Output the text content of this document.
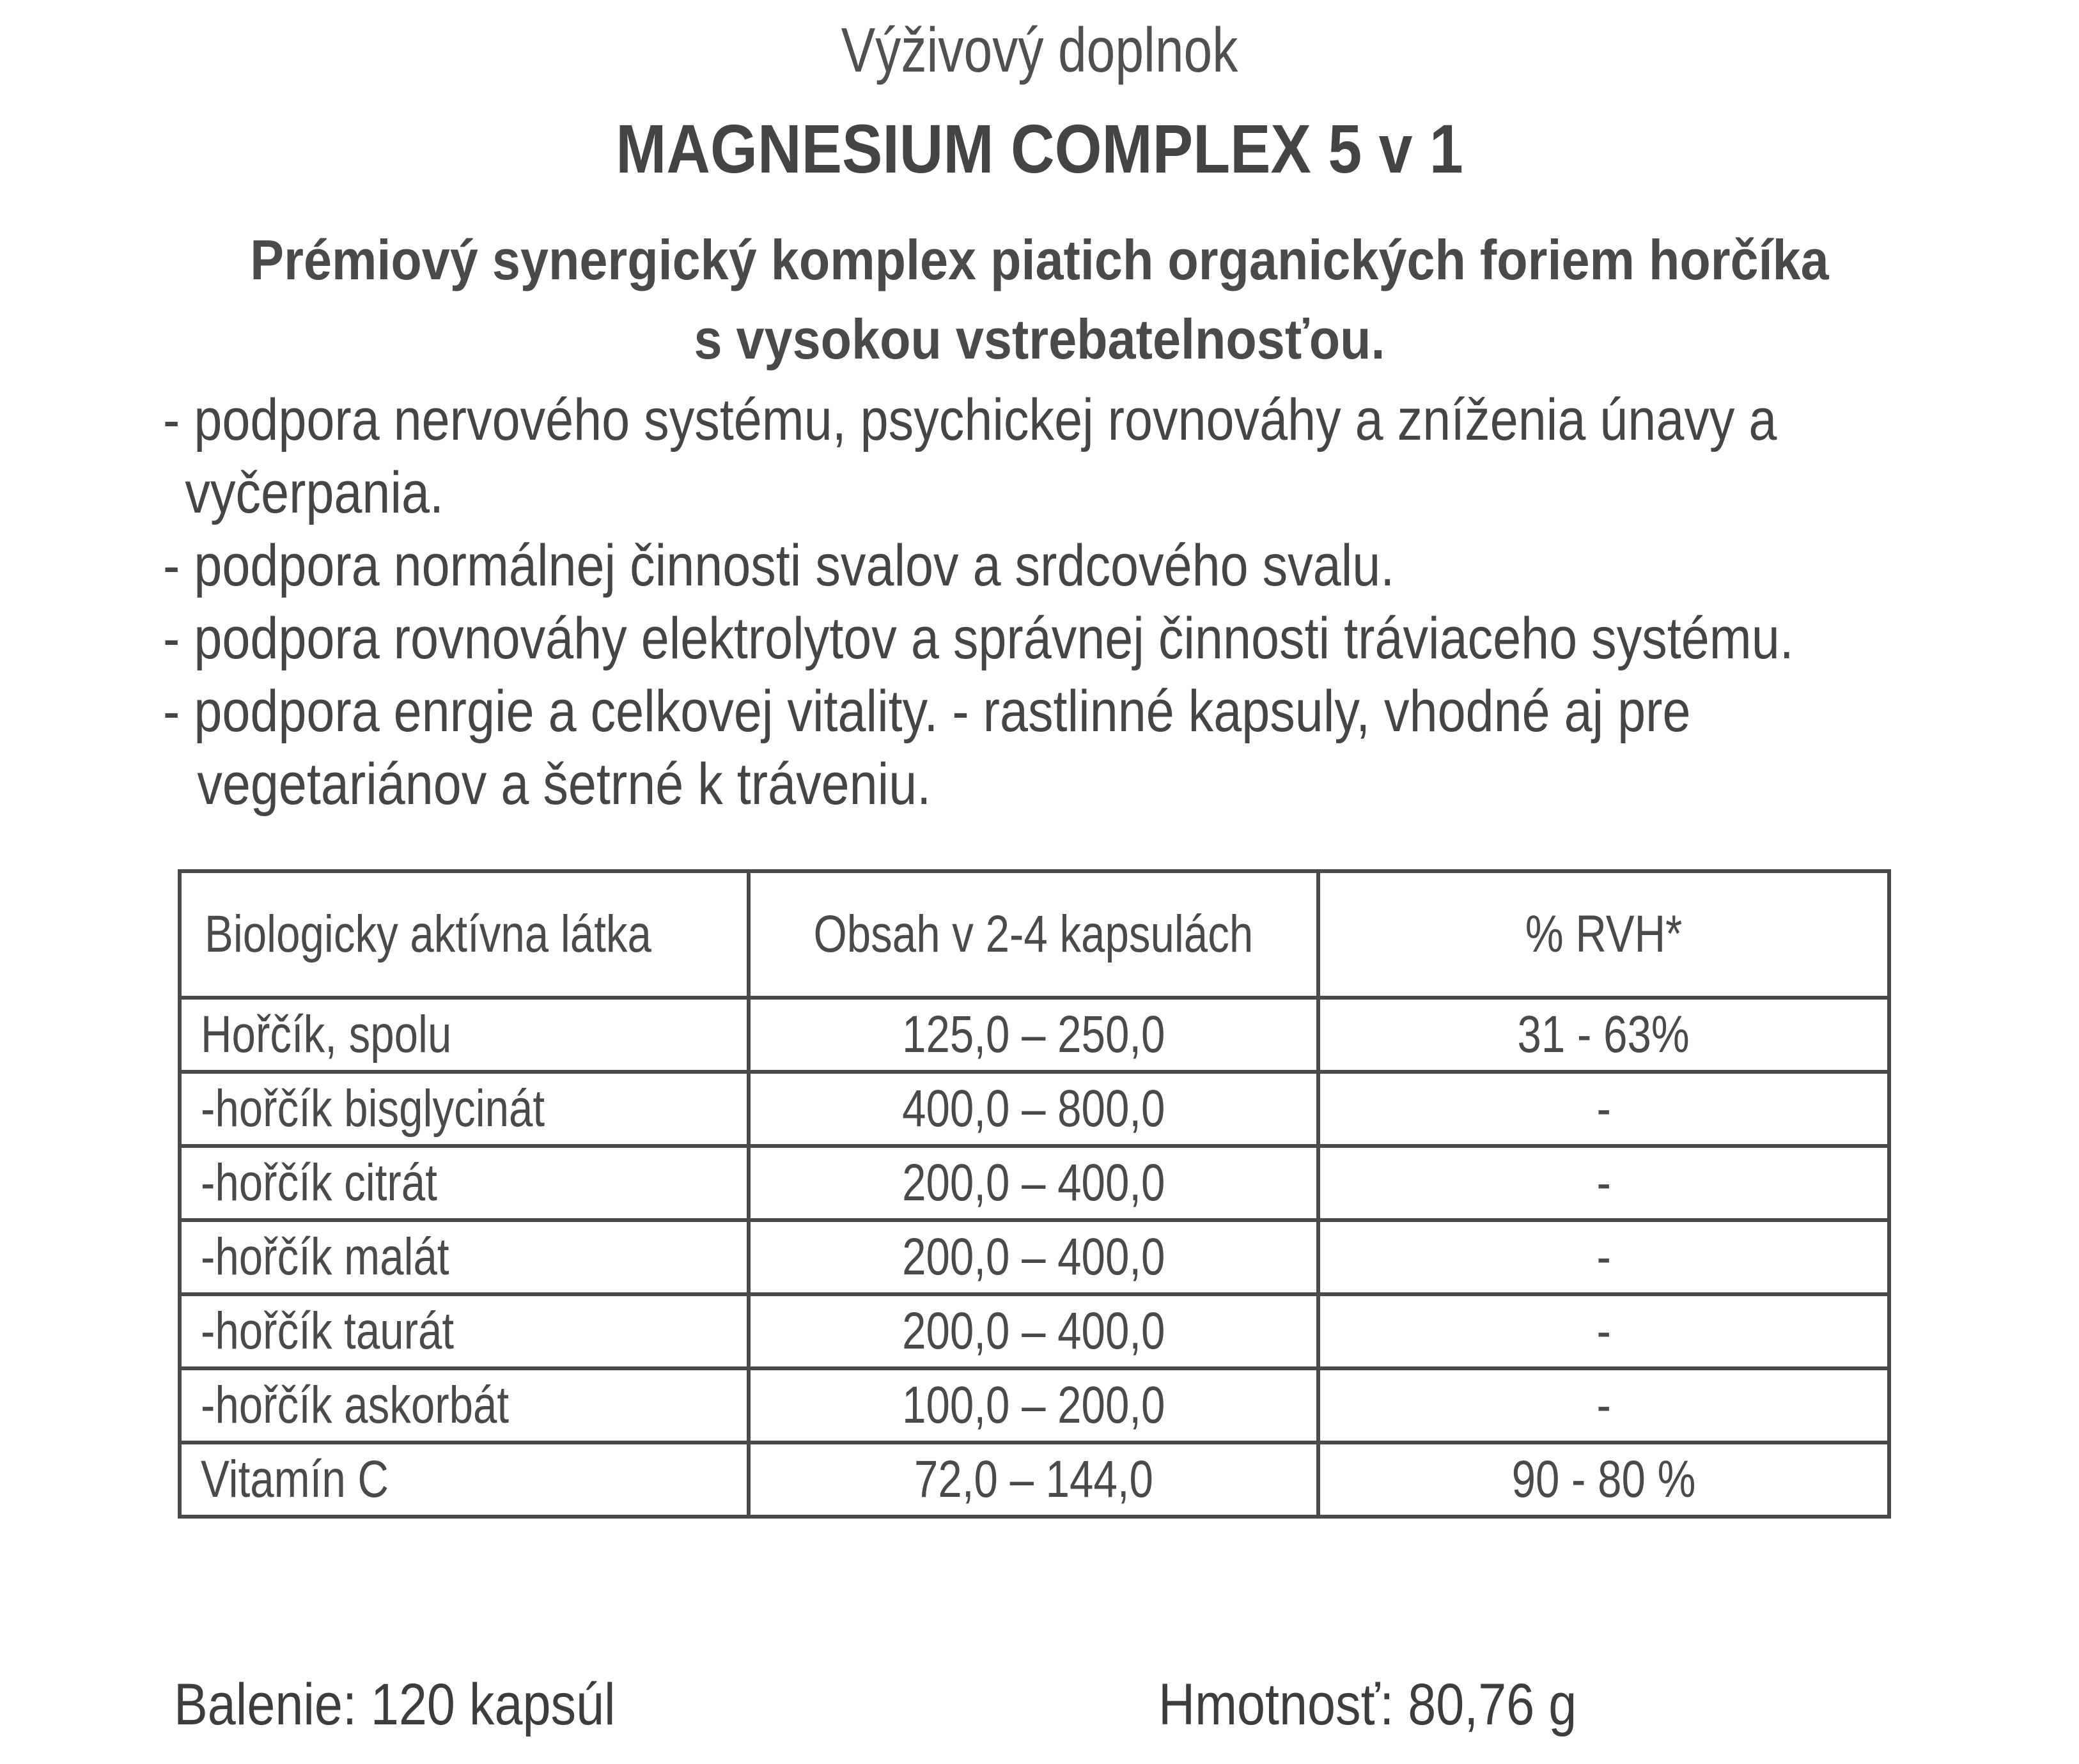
Výživový doplnok
MAGNESIUM COMPLEX 5 v 1
Prémiový synergický komplex piatich organických foriem horčíka
s vysokou vstrebatelnosťou.

- podpora nervového systému, psychickej rovnováhy a zníženia únavy a vyčerpania.

- podpora normálnej činnosti svalov a srdcového svalu.

- podpora rovnováhy elektrolytov a správnej činnosti tráviaceho systému.

- podpora enrgie a celkovej vitality. - rastlinné kapsuly, vhodné aj pre vegetariánov a šetrné k tráveniu.

Biologicky aktívna látka	Obsah v 2-4 kapsulách	% RVH*
Hořčík, spolu	125,0 – 250,0	31 - 63%
-hořčík bisglycinát	400,0 – 800,0	-
-hořčík citrát	200,0 – 400,0	-
-hořčík malát	200,0 – 400,0	-
-hořčík taurát	200,0 – 400,0	-
-hořčík askorbát	100,0 – 200,0	-
Vitamín C	72,0 – 144,0	90 - 80 %
Balenie: 120 kapsúl	Hmotnosť: 80,76 g
